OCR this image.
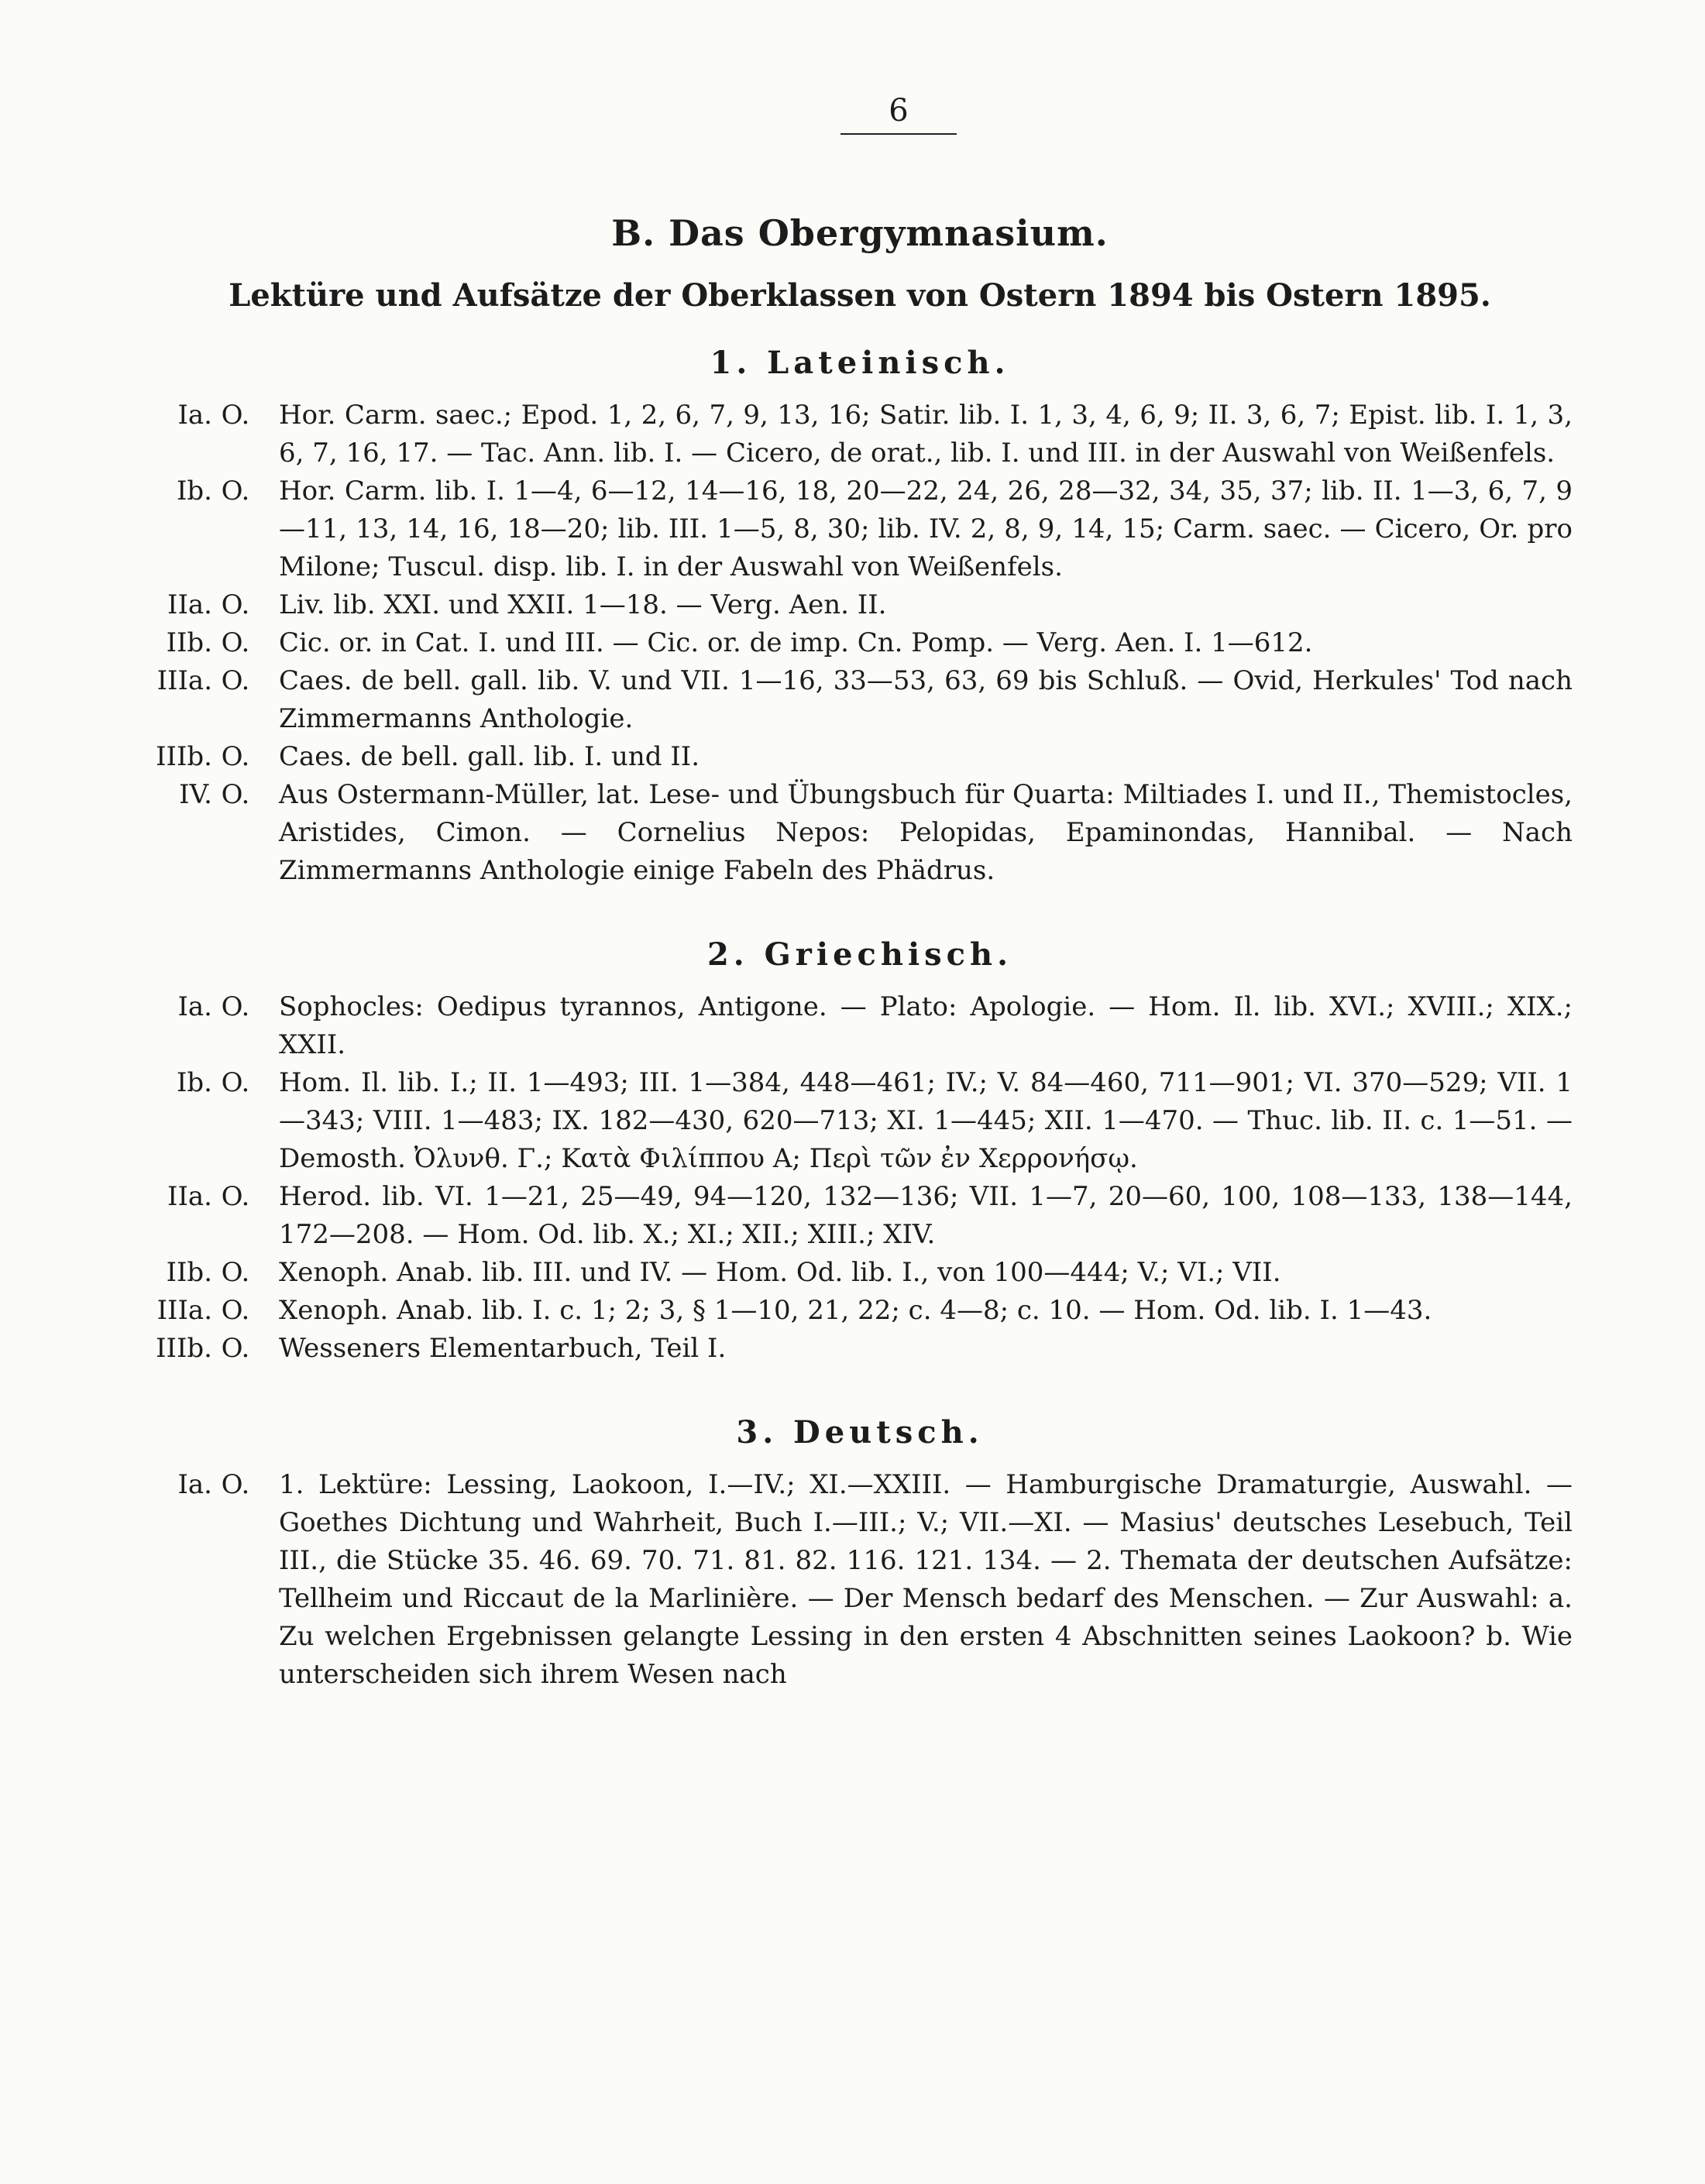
6
B. Das Obergymnasium.
Lektüre und Aufsätze der Oberklassen von Ostern 1894 bis Ostern 1895.
1. Lateinisch.
Ia. O.	Hor. Carm. saec.; Epod. 1, 2, 6, 7, 9, 13, 16; Satir. lib. I. 1, 3, 4, 6, 9; II. 3, 6, 7; Epist. lib. I. 1, 3, 6, 7, 16, 17. — Tac. Ann. lib. I. — Cicero, de orat., lib. I. und III. in der Auswahl von Weißenfels.
Ib. O.	Hor. Carm. lib. I. 1—4, 6—12, 14—16, 18, 20—22, 24, 26, 28—32, 34, 35, 37; lib. II. 1—3, 6, 7, 9—11, 13, 14, 16, 18—20; lib. III. 1—5, 8, 30; lib. IV. 2, 8, 9, 14, 15; Carm. saec. — Cicero, Or. pro Milone; Tuscul. disp. lib. I. in der Auswahl von Weißenfels.
IIa. O.	Liv. lib. XXI. und XXII. 1—18. — Verg. Aen. II.
IIb. O.	Cic. or. in Cat. I. und III. — Cic. or. de imp. Cn. Pomp. — Verg. Aen. I. 1—612.
IIIa. O.	Caes. de bell. gall. lib. V. und VII. 1—16, 33—53, 63, 69 bis Schluß. — Ovid, Herkules' Tod nach Zimmermanns Anthologie.
IIIb. O.	Caes. de bell. gall. lib. I. und II.
IV. O.	Aus Ostermann-Müller, lat. Lese- und Übungsbuch für Quarta: Miltiades I. und II., Themistocles, Aristides, Cimon. — Cornelius Nepos: Pelopidas, Epaminondas, Hannibal. — Nach Zimmermanns Anthologie einige Fabeln des Phädrus.
2. Griechisch.
Ia. O.	Sophocles: Oedipus tyrannos, Antigone. — Plato: Apologie. — Hom. Il. lib. XVI.; XVIII.; XIX.; XXII.
Ib. O.	Hom. Il. lib. I.; II. 1—493; III. 1—384, 448—461; IV.; V. 84—460, 711—901; VI. 370—529; VII. 1—343; VIII. 1—483; IX. 182—430, 620—713; XI. 1—445; XII. 1—470. — Thuc. lib. II. c. 1—51. — Demosth. Ὀλυνθ. Γ.; Κατὰ Φιλίππου Α; Περὶ τῶν ἐν Χερρονήσῳ.
IIa. O.	Herod. lib. VI. 1—21, 25—49, 94—120, 132—136; VII. 1—7, 20—60, 100, 108—133, 138—144, 172—208. — Hom. Od. lib. X.; XI.; XII.; XIII.; XIV.
IIb. O.	Xenoph. Anab. lib. III. und IV. — Hom. Od. lib. I., von 100—444; V.; VI.; VII.
IIIa. O.	Xenoph. Anab. lib. I. c. 1; 2; 3, § 1—10, 21, 22; c. 4—8; c. 10. — Hom. Od. lib. I. 1—43.
IIIb. O.	Wesseners Elementarbuch, Teil I.
3. Deutsch.
Ia. O.	1. Lektüre: Lessing, Laokoon, I.—IV.; XI.—XXIII. — Hamburgische Dramaturgie, Auswahl. — Goethes Dichtung und Wahrheit, Buch I.—III.; V.; VII.—XI. — Masius' deutsches Lesebuch, Teil III., die Stücke 35. 46. 69. 70. 71. 81. 82. 116. 121. 134. — 2. Themata der deutschen Aufsätze: Tellheim und Riccaut de la Marlinière. — Der Mensch bedarf des Menschen. — Zur Auswahl: a. Zu welchen Ergebnissen gelangte Lessing in den ersten 4 Abschnitten seines Laokoon? b. Wie unterscheiden sich ihrem Wesen nach
